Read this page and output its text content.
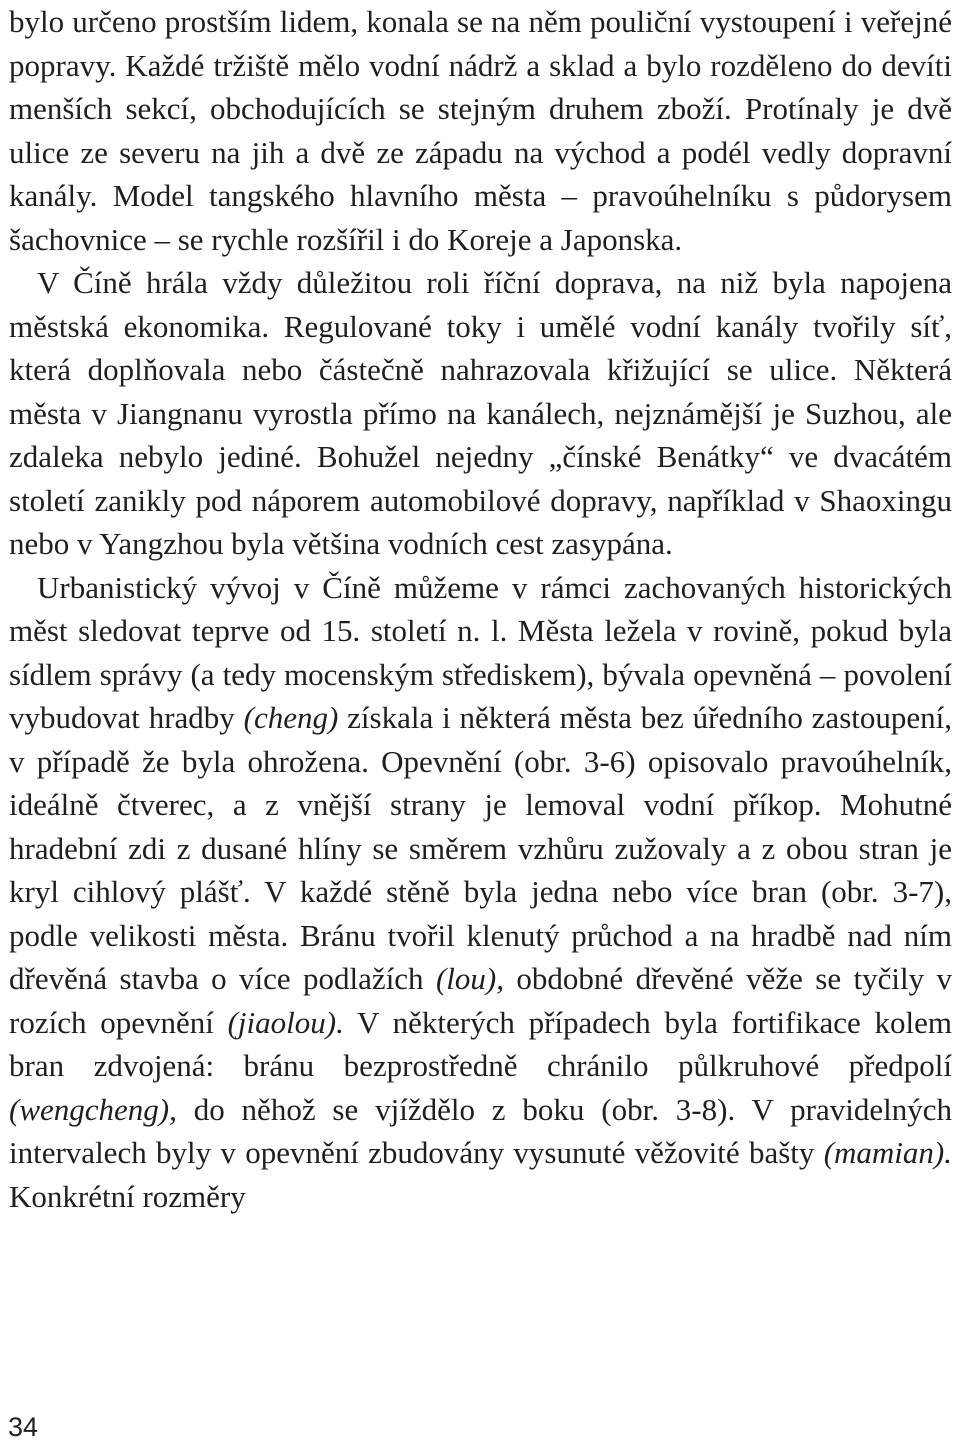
bylo určeno prostším lidem, konala se na něm pouliční vystoupení i veřejné popravy. Každé tržiště mělo vodní nádrž a sklad a bylo rozděleno do devíti menších sekcí, obchodujících se stejným druhem zboží. Protínaly je dvě ulice ze severu na jih a dvě ze západu na východ a podél vedly dopravní kanály. Model tangského hlavního města – pravoúhelníku s půdorysem šachovnice – se rychle rozšířil i do Koreje a Japonska.

V Číně hrála vždy důležitou roli říční doprava, na niž byla napojena městská ekonomika. Regulované toky i umělé vodní kanály tvořily síť, která doplňovala nebo částečně nahrazovala křižující se ulice. Některá města v Jiangnanu vyrostla přímo na kanálech, nejznámější je Suzhou, ale zdaleka nebylo jediné. Bohužel nejedny „čínské Benátky“ ve dvacátém století zanikly pod náporem automobilové dopravy, například v Shaoxingu nebo v Yangzhou byla většina vodních cest zasypána.

Urbanistický vývoj v Číně můžeme v rámci zachovaných historických měst sledovat teprve od 15. století n. l. Města ležela v rovině, pokud byla sídlem správy (a tedy mocenským střediskem), bývala opevněná – povolení vybudovat hradby (cheng) získala i některá města bez úředního zastoupení, v případě že byla ohrožena. Opevnění (obr. 3-6) opisovalo pravoúhelník, ideálně čtverec, a z vnější strany je lemoval vodní příkop. Mohutné hradební zdi z dusané hlíny se směrem vzhůru zužovaly a z obou stran je kryl cihlový plášť. V každé stěně byla jedna nebo více bran (obr. 3-7), podle velikosti města. Bránu tvořil klenutý průchod a na hradbě nad ním dřevěná stavba o více podlažích (lou), obdobné dřevěné věže se tyčily v rozích opevnění (jiaolou). V některých případech byla fortifikace kolem bran zdvojená: bránu bezprostředně chránilo půlkruhové předpolí (wengcheng), do něhož se vjíždělo z boku (obr. 3-8). V pravidelných intervalech byly v opevnění zbudovány vysunuté věžovité bašty (mamian). Konkrétní rozměry

34
